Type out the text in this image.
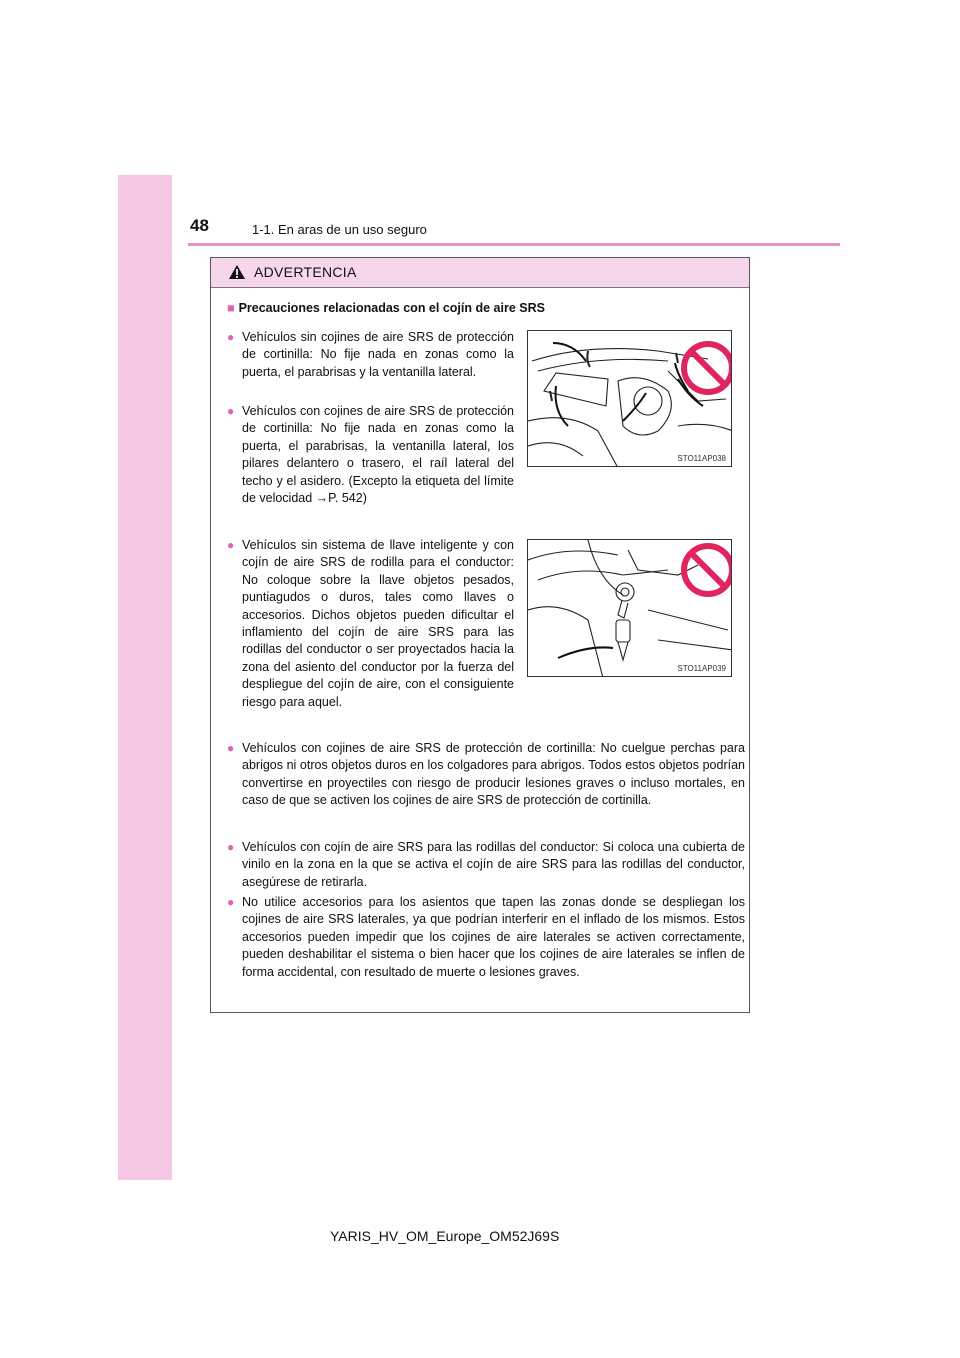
48	1-1. En aras de un uso seguro
ADVERTENCIA
■ Precauciones relacionadas con el cojín de aire SRS
● Vehículos sin cojines de aire SRS de protección de cortinilla: No fije nada en zonas como la puerta, el parabrisas y la ventanilla lateral.
● Vehículos con cojines de aire SRS de protección de cortinilla: No fije nada en zonas como la puerta, el parabrisas, la ventanilla lateral, los pilares delantero o trasero, el raíl lateral del techo y el asidero. (Excepto la etiqueta del límite de velocidad →P. 542)
● Vehículos sin sistema de llave inteligente y con cojín de aire SRS de rodilla para el conductor: No coloque sobre la llave objetos pesados, puntiagudos o duros, tales como llaves o accesorios. Dichos objetos pueden dificultar el inflamiento del cojín de aire SRS para las rodillas del conductor o ser proyectados hacia la zona del asiento del conductor por la fuerza del despliegue del cojín de aire, con el consiguiente riesgo para aquel.
● Vehículos con cojines de aire SRS de protección de cortinilla: No cuelgue perchas para abrigos ni otros objetos duros en los colgadores para abrigos. Todos estos objetos podrían convertirse en proyectiles con riesgo de producir lesiones graves o incluso mortales, en caso de que se activen los cojines de aire SRS de protección de cortinilla.
● Vehículos con cojín de aire SRS para las rodillas del conductor: Si coloca una cubierta de vinilo en la zona en la que se activa el cojín de aire SRS para las rodillas del conductor, asegúrese de retirarla.
● No utilice accesorios para los asientos que tapen las zonas donde se despliegan los cojines de aire SRS laterales, ya que podrían interferir en el inflado de los mismos. Estos accesorios pueden impedir que los cojines de aire laterales se activen correctamente, pueden deshabilitar el sistema o bien hacer que los cojines de aire laterales se inflen de forma accidental, con resultado de muerte o lesiones graves.
STO11AP038
STO11AP039
YARIS_HV_OM_Europe_OM52J69S
